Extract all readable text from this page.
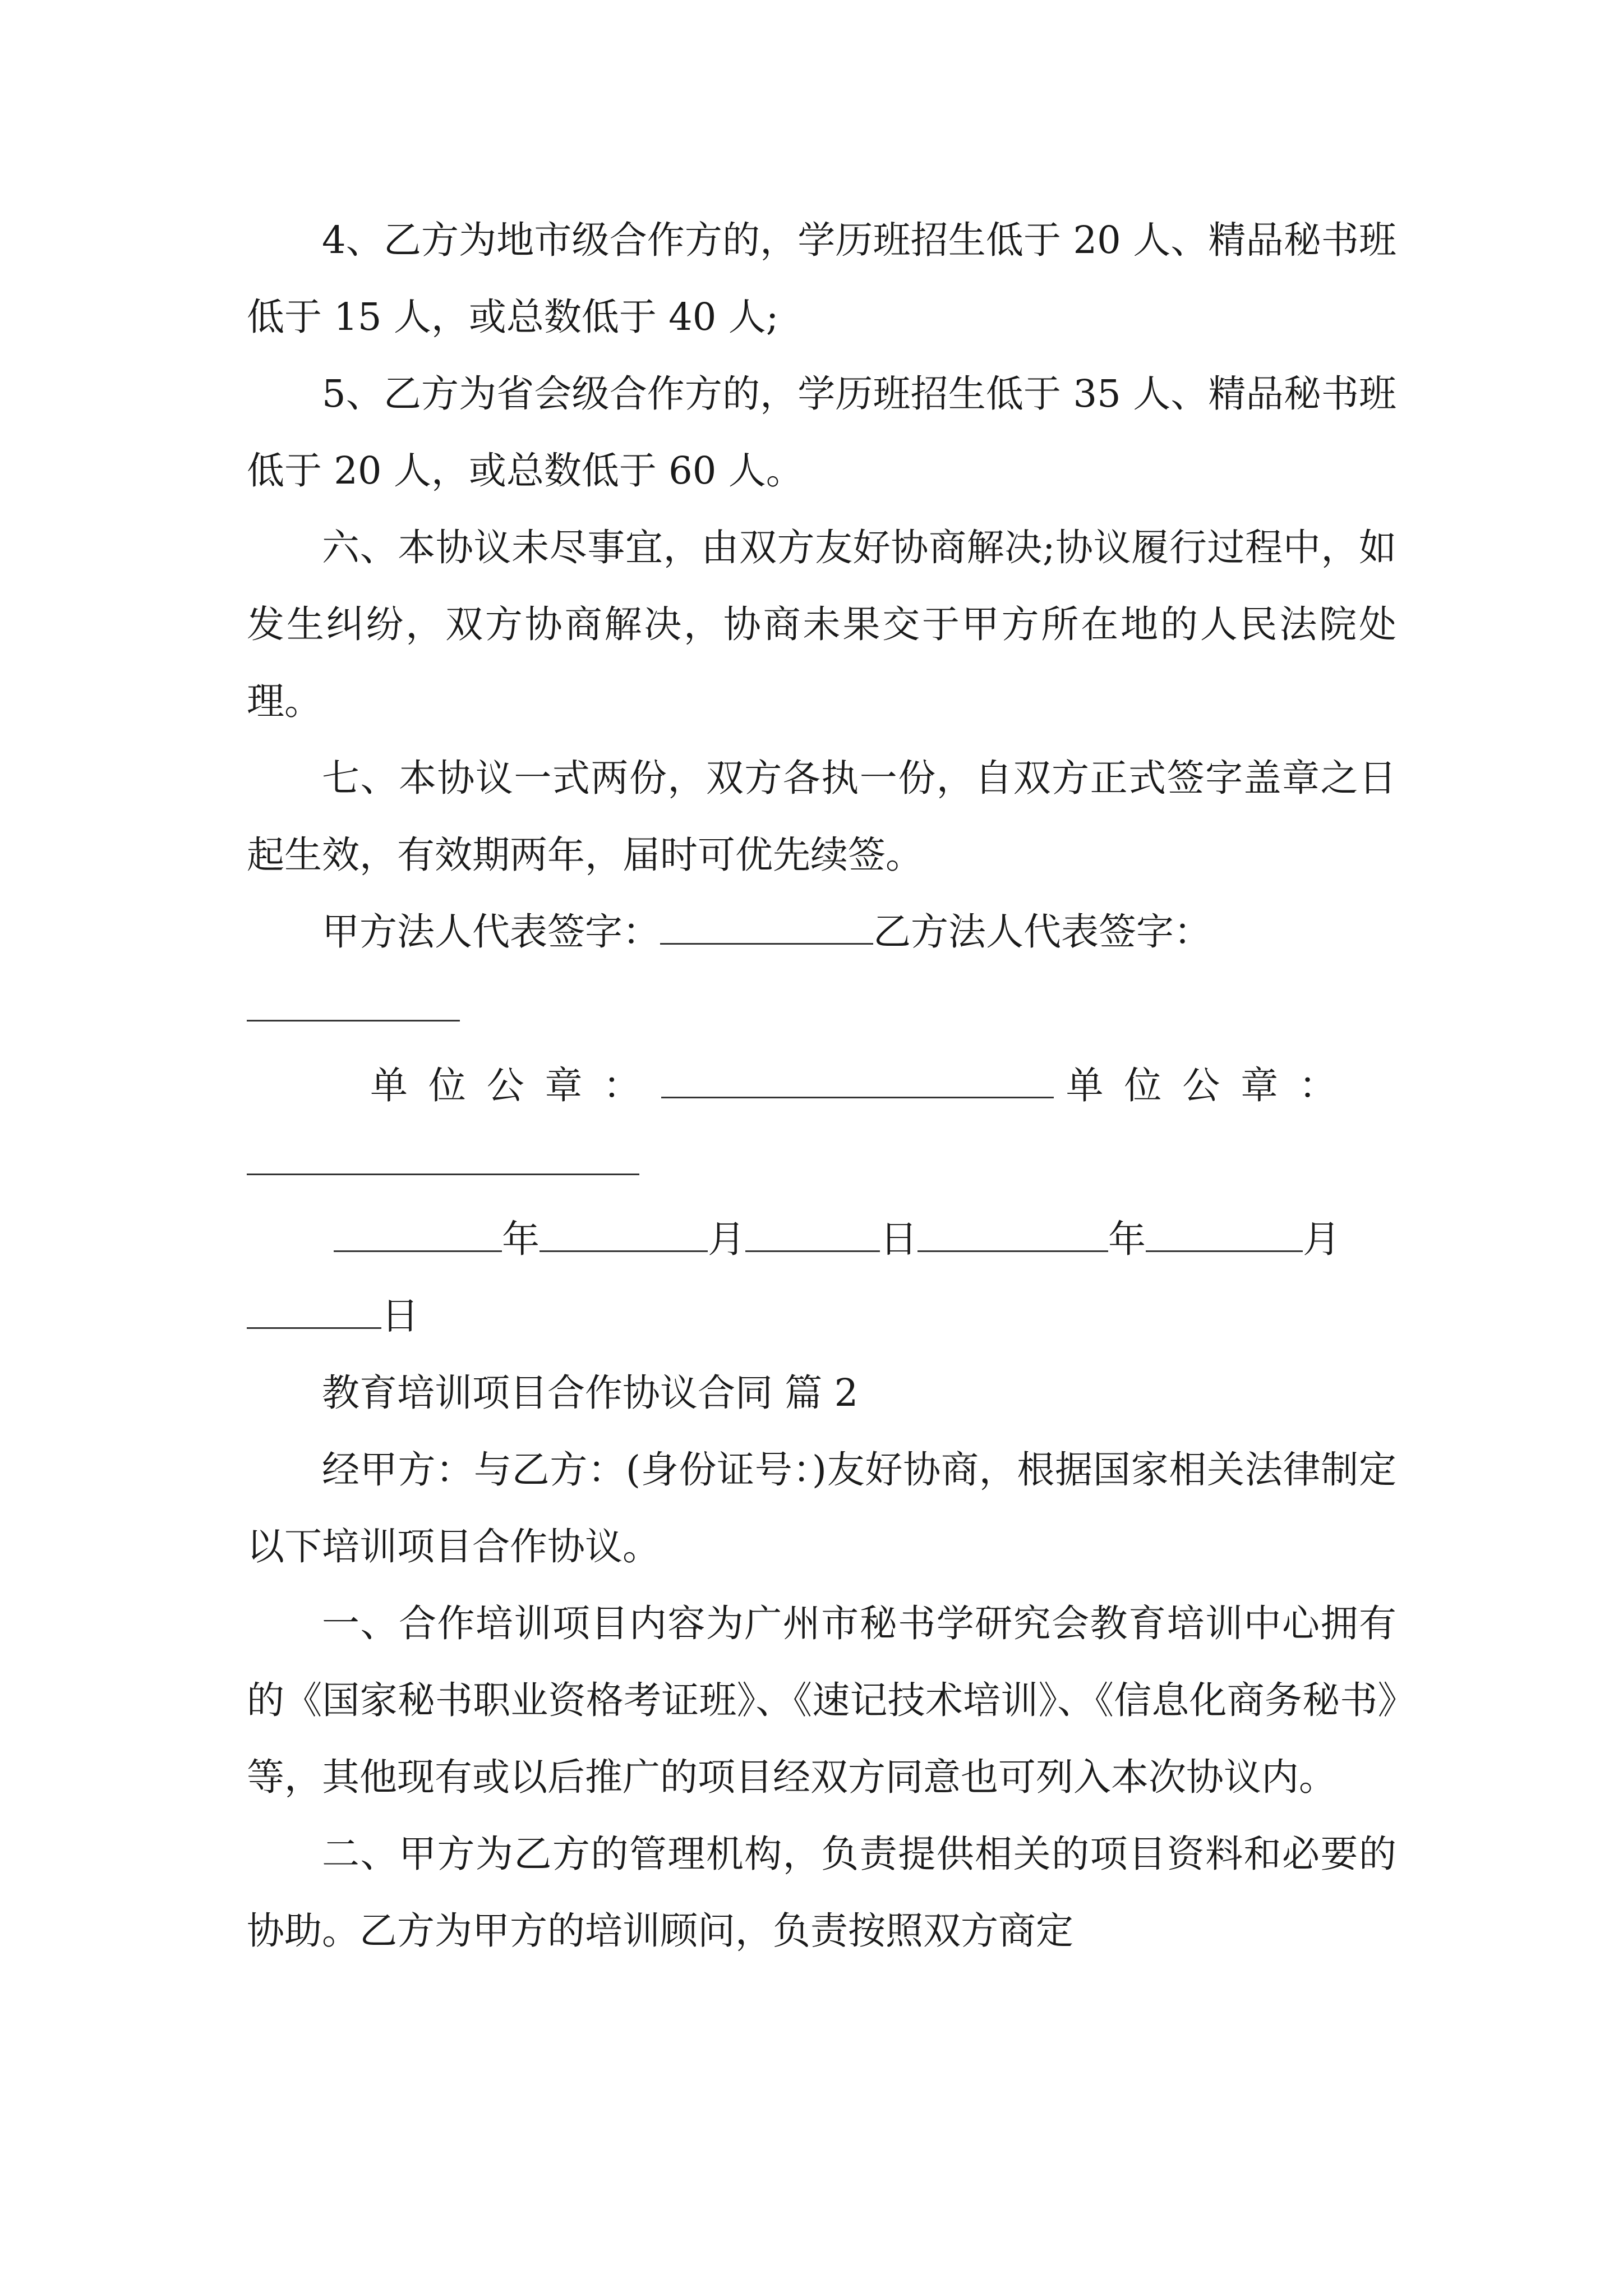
4、乙方为地市级合作方的，学历班招生低于 20 人、精品秘书班低于 15 人，或总数低于 40 人;

5、乙方为省会级合作方的，学历班招生低于 35 人、精品秘书班低于 20 人，或总数低于 60 人。

六、本协议未尽事宜，由双方友好协商解决;协议履行过程中，如发生纠纷，双方协商解决，协商未果交于甲方所在地的人民法院处理。

七、本协议一式两份，双方各执一份，自双方正式签字盖章之日起生效，有效期两年，届时可优先续签。

甲方法人代表签字：	乙方法人代表签字：

单位公章：	单位公章：

年	月	日	年	月

日

教育培训项目合作协议合同 篇 2

经甲方：与乙方：(身份证号：)友好协商，根据国家相关法律制定以下培训项目合作协议。

一、合作培训项目内容为广州市秘书学研究会教育培训中心拥有的《国家秘书职业资格考证班》、《速记技术培训》、《信息化商务秘书》等，其他现有或以后推广的项目经双方同意也可列入本次协议内。

二、甲方为乙方的管理机构，负责提供相关的项目资料和必要的协助。乙方为甲方的培训顾问，负责按照双方商定
